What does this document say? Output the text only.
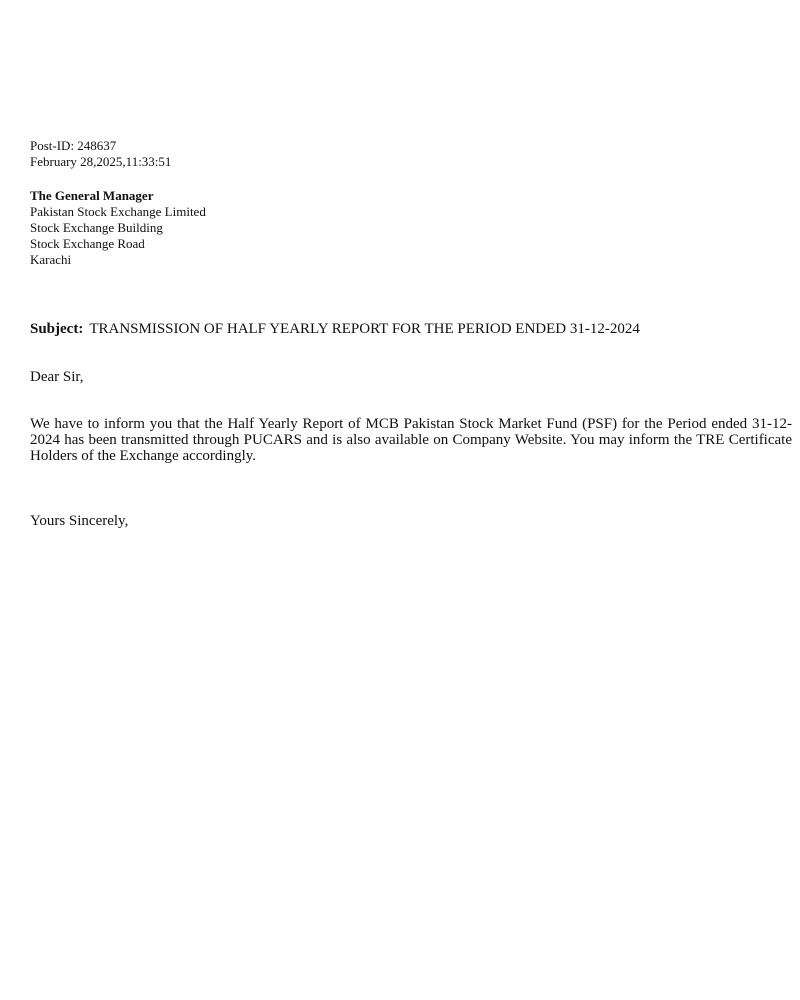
Post-ID: 248637
February 28,2025,11:33:51
The General Manager
Pakistan Stock Exchange Limited
Stock Exchange Building
Stock Exchange Road
Karachi
Subject: TRANSMISSION OF HALF YEARLY REPORT FOR THE PERIOD ENDED 31-12-2024
Dear Sir,
We have to inform you that the Half Yearly Report of MCB Pakistan Stock Market Fund (PSF) for the Period ended 31-12-2024 has been transmitted through PUCARS and is also available on Company Website. You may inform the TRE Certificate Holders of the Exchange accordingly.
Yours Sincerely,
